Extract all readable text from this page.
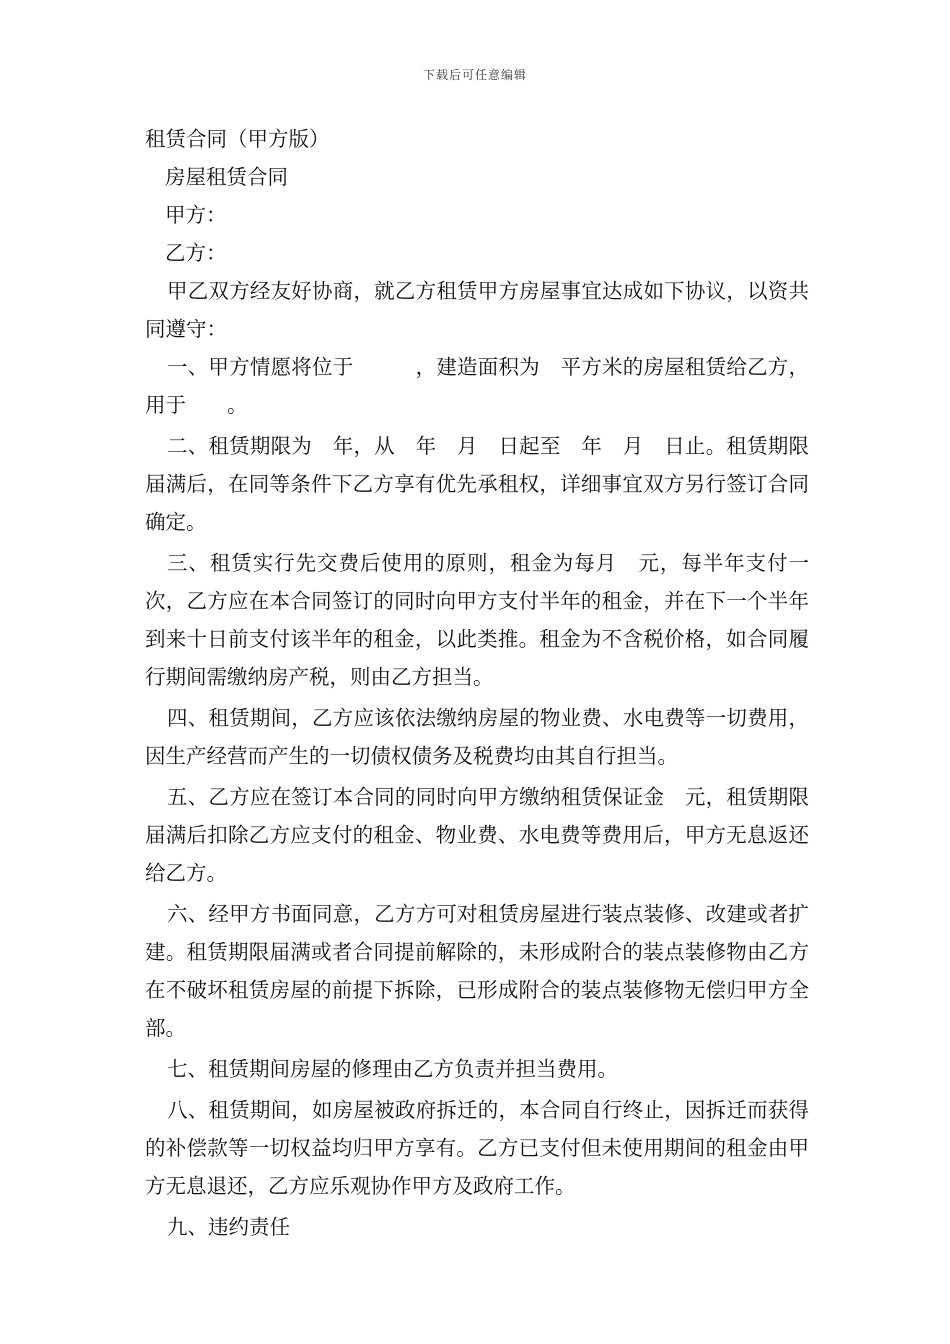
下载后可任意编辑

租赁合同（甲方版）

房屋租赁合同

甲方：

乙方：

甲乙双方经友好协商，就乙方租赁甲方房屋事宜达成如下协议，以资共同遵守：

一、甲方情愿将位于　　　，建造面积为　平方米的房屋租赁给乙方，用于　　。

二、租赁期限为　年，从　年　月　日起至　年　月　日止。租赁期限届满后，在同等条件下乙方享有优先承租权，详细事宜双方另行签订合同确定。

三、租赁实行先交费后使用的原则，租金为每月　元，每半年支付一次，乙方应在本合同签订的同时向甲方支付半年的租金，并在下一个半年到来十日前支付该半年的租金，以此类推。租金为不含税价格，如合同履行期间需缴纳房产税，则由乙方担当。

四、租赁期间，乙方应该依法缴纳房屋的物业费、水电费等一切费用，因生产经营而产生的一切债权债务及税费均由其自行担当。

五、乙方应在签订本合同的同时向甲方缴纳租赁保证金　元，租赁期限届满后扣除乙方应支付的租金、物业费、水电费等费用后，甲方无息返还给乙方。

六、经甲方书面同意，乙方方可对租赁房屋进行装点装修、改建或者扩建。租赁期限届满或者合同提前解除的，未形成附合的装点装修物由乙方在不破坏租赁房屋的前提下拆除，已形成附合的装点装修物无偿归甲方全部。

七、租赁期间房屋的修理由乙方负责并担当费用。

八、租赁期间，如房屋被政府拆迁的，本合同自行终止，因拆迁而获得的补偿款等一切权益均归甲方享有。乙方已支付但未使用期间的租金由甲方无息退还，乙方应乐观协作甲方及政府工作。

九、违约责任
